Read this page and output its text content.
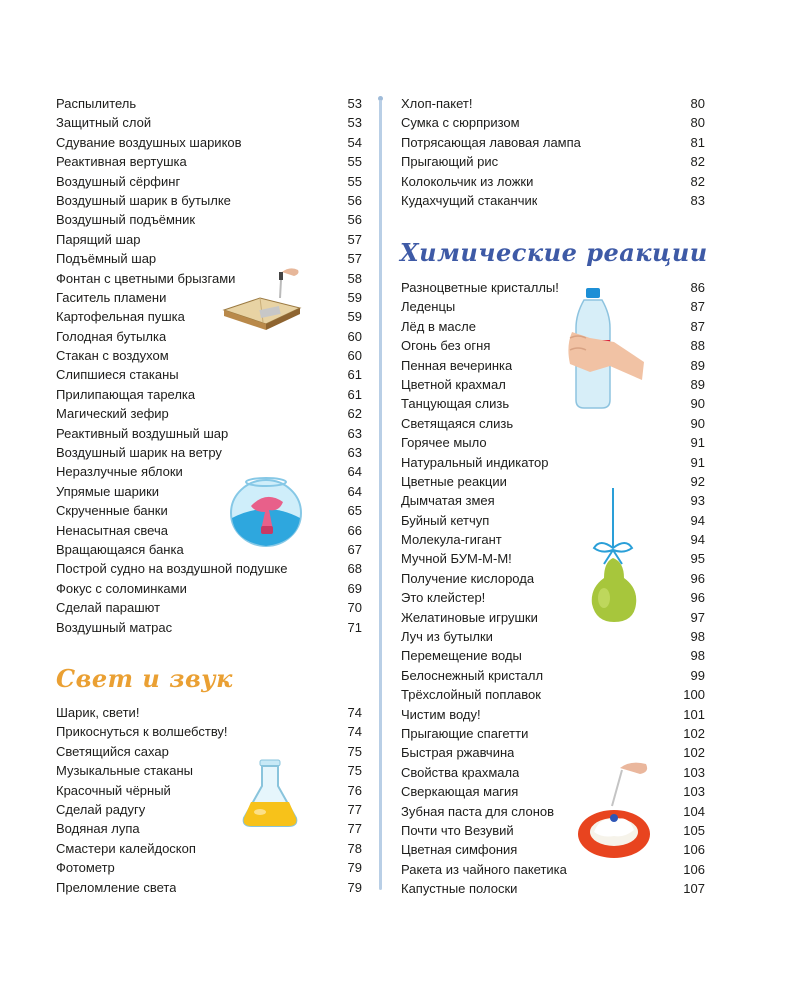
Распылитель	53
Защитный слой	53
Сдувание воздушных шариков	54
Реактивная вертушка	55
Воздушный сёрфинг	55
Воздушный шарик в бутылке	56
Воздушный подъёмник	56
Парящий шар	57
Подъёмный шар	57
Фонтан с цветными брызгами	58
Гаситель пламени	59
Картофельная пушка	59
Голодная бутылка	60
Стакан с воздухом	60
Слипшиеся стаканы	61
Прилипающая тарелка	61
Магический зефир	62
Реактивный воздушный шар	63
Воздушный шарик на ветру	63
Неразлучные яблоки	64
Упрямые шарики	64
Скрученные банки	65
Ненасытная свеча	66
Вращающаяся банка	67
Построй судно на воздушной подушке	68
Фокус с соломинками	69
Сделай парашют	70
Воздушный матрас	71
Свет и звук
Шарик, свети!	74
Прикоснуться к волшебству!	74
Светящийся сахар	75
Музыкальные стаканы	75
Красочный чёрный	76
Сделай радугу	77
Водяная лупа	77
Смастери калейдоскоп	78
Фотометр	79
Преломление света	79
Хлоп-пакет!	80
Сумка с сюрпризом	80
Потрясающая лавовая лампа	81
Прыгающий рис	82
Колокольчик из ложки	82
Кудахчущий стаканчик	83
Химические реакции
Разноцветные кристаллы!	86
Леденцы	87
Лёд в масле	87
Огонь без огня	88
Пенная вечеринка	89
Цветной крахмал	89
Танцующая слизь	90
Светящаяся слизь	90
Горячее мыло	91
Натуральный индикатор	91
Цветные реакции	92
Дымчатая змея	93
Буйный кетчуп	94
Молекула-гигант	94
Мучной БУМ-М-М!	95
Получение кислорода	96
Это клейстер!	96
Желатиновые игрушки	97
Луч из бутылки	98
Перемещение воды	98
Белоснежный кристалл	99
Трёхслойный поплавок	100
Чистим воду!	101
Прыгающие спагетти	102
Быстрая ржавчина	102
Свойства крахмала	103
Сверкающая магия	103
Зубная паста для слонов	104
Почти что Везувий	105
Цветная симфония	106
Ракета из чайного пакетика	106
Капустные полоски	107
